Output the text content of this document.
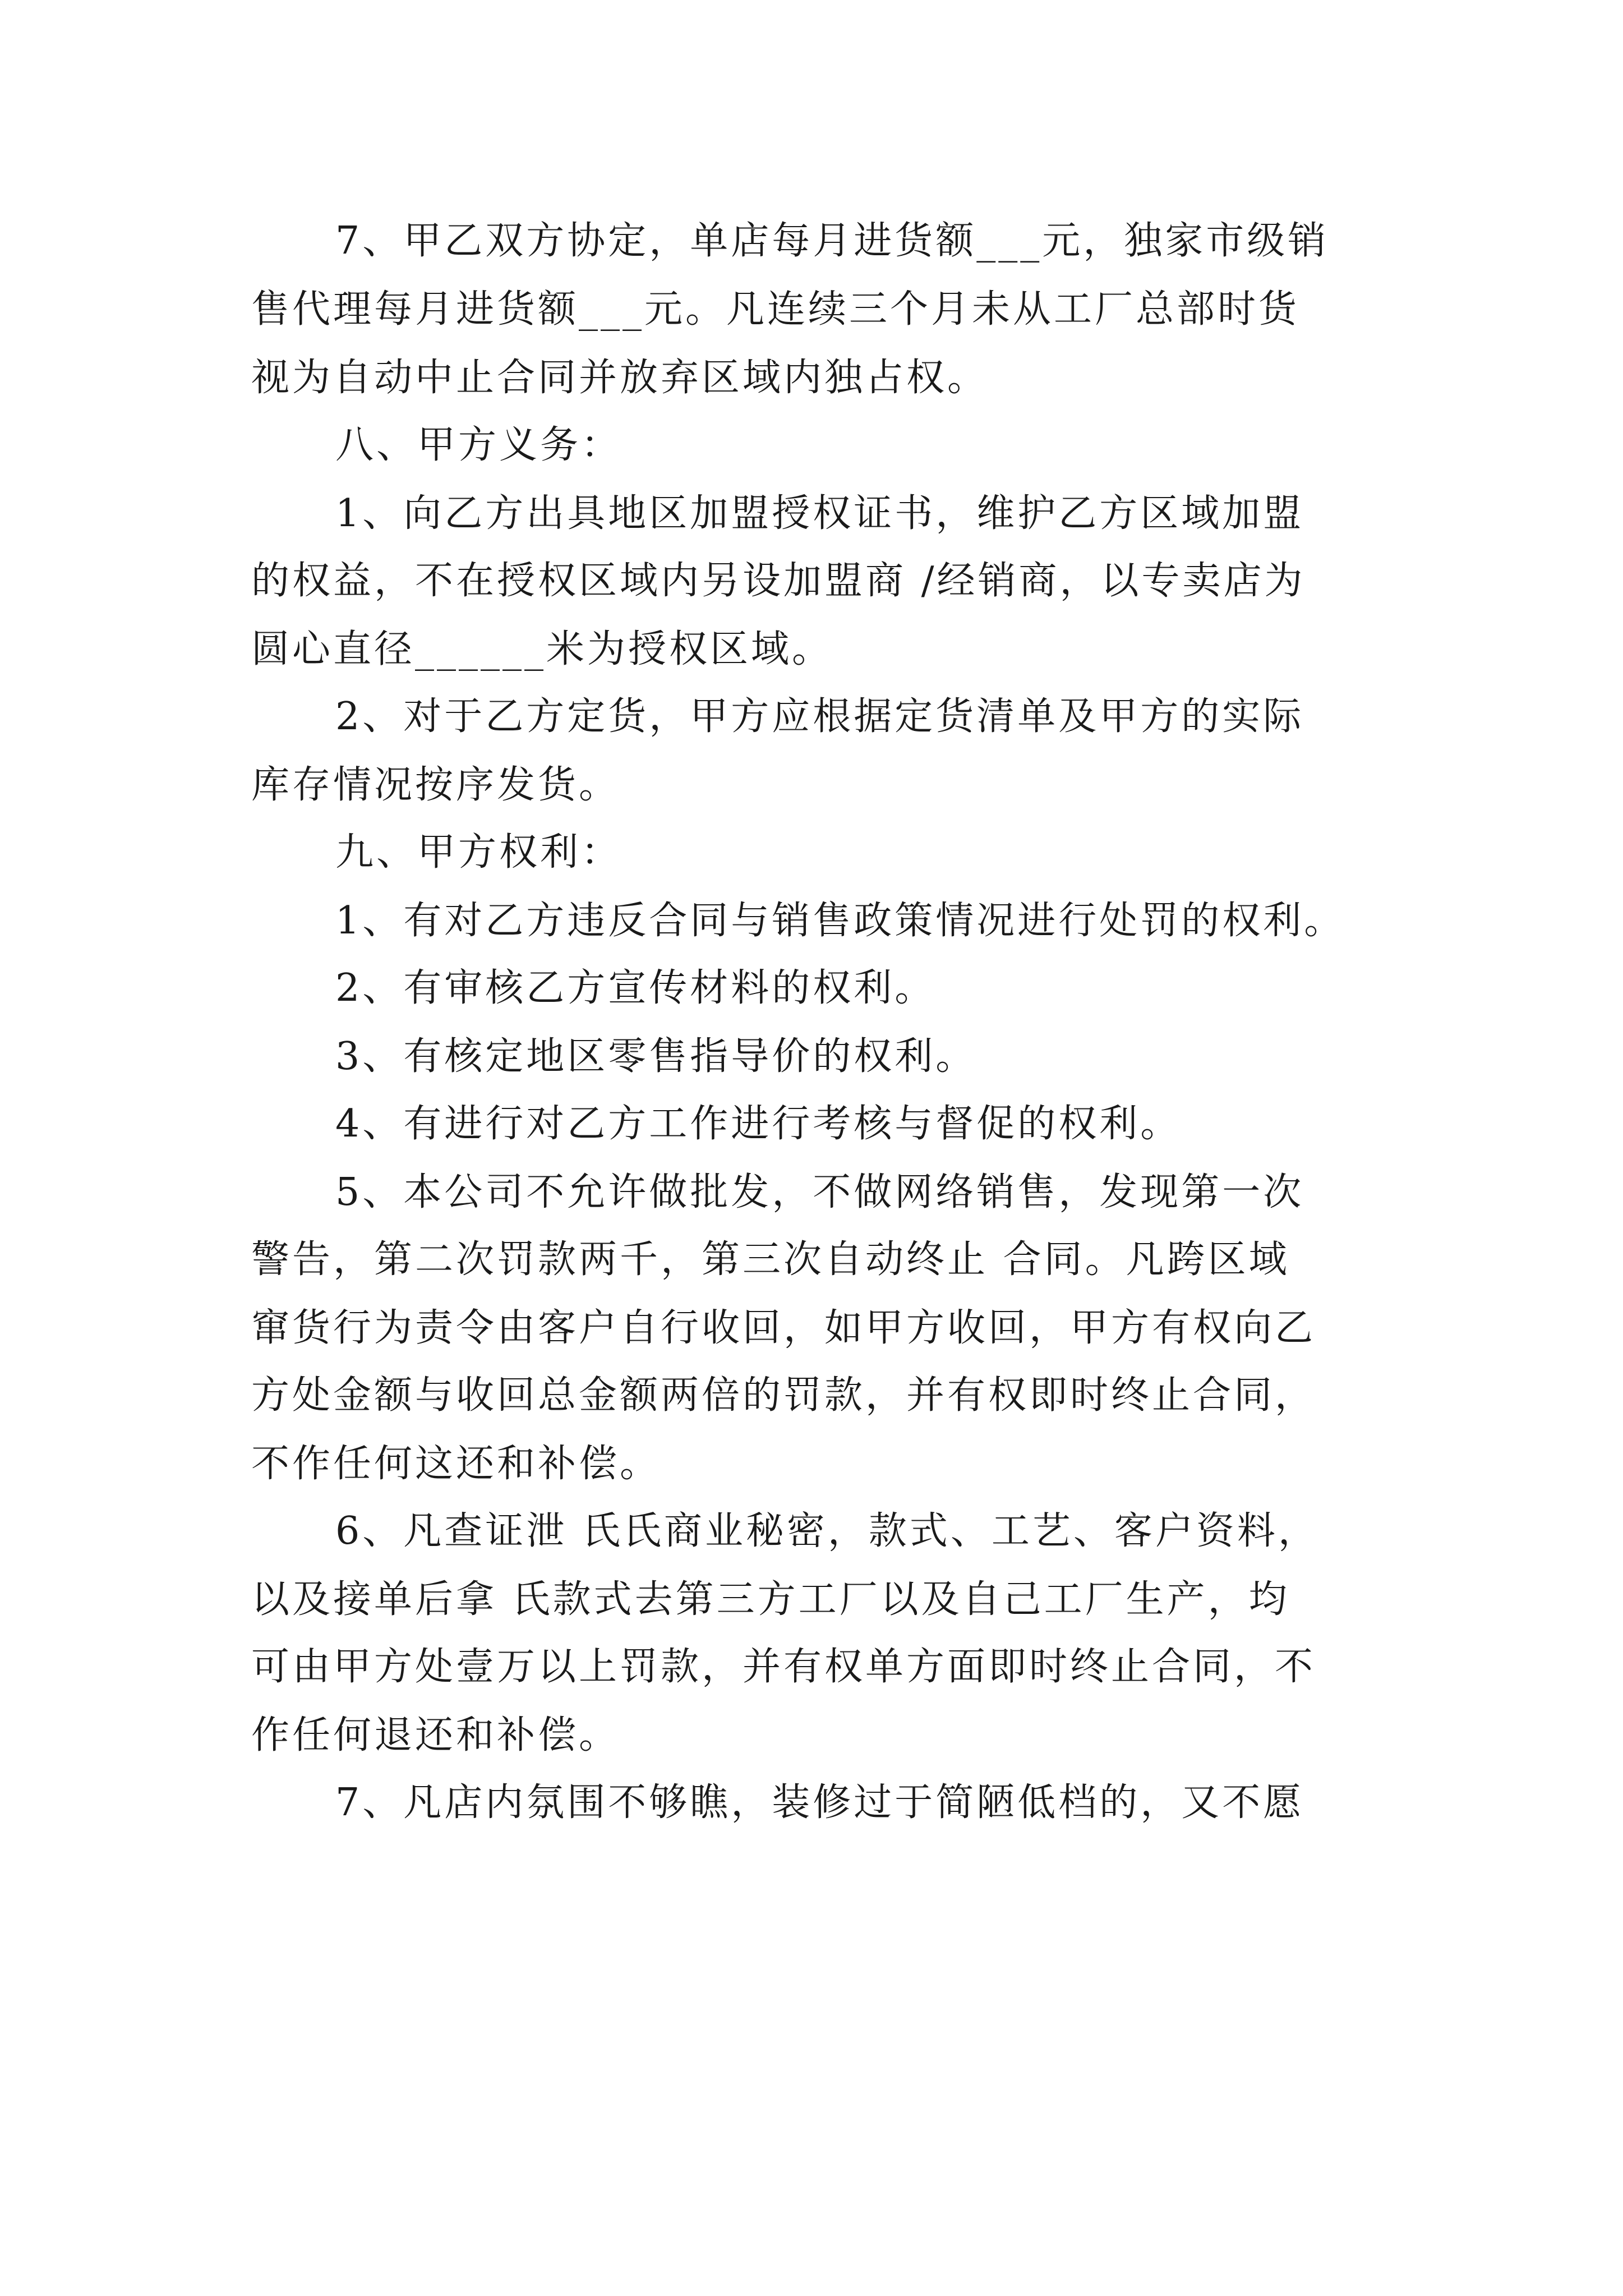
7、甲乙双方协定，单店每月进货额___元，独家市级销
售代理每月进货额___元。凡连续三个月未从工厂总部时货
视为自动中止合同并放弃区域内独占权。
八、甲方义务：
1、向乙方出具地区加盟授权证书，维护乙方区域加盟
的权益，不在授权区域内另设加盟商 /经销商，以专卖店为
圆心直径______米为授权区域。
2、对于乙方定货，甲方应根据定货清单及甲方的实际
库存情况按序发货。
九、甲方权利：
1、有对乙方违反合同与销售政策情况进行处罚的权利。
2、有审核乙方宣传材料的权利。
3、有核定地区零售指导价的权利。
4、有进行对乙方工作进行考核与督促的权利。
5、本公司不允许做批发，不做网络销售，发现第一次
警告，第二次罚款两千，第三次自动终止 合同。凡跨区域
窜货行为责令由客户自行收回，如甲方收回，甲方有权向乙
方处金额与收回总金额两倍的罚款，并有权即时终止合同，
不作任何这还和补偿。
6、凡查证泄 氏氏商业秘密，款式、工艺、客户资料，
以及接单后拿 氏款式去第三方工厂以及自己工厂生产，均
可由甲方处壹万以上罚款，并有权单方面即时终止合同，不
作任何退还和补偿。
7、凡店内氛围不够瞧，装修过于简陋低档的，又不愿
